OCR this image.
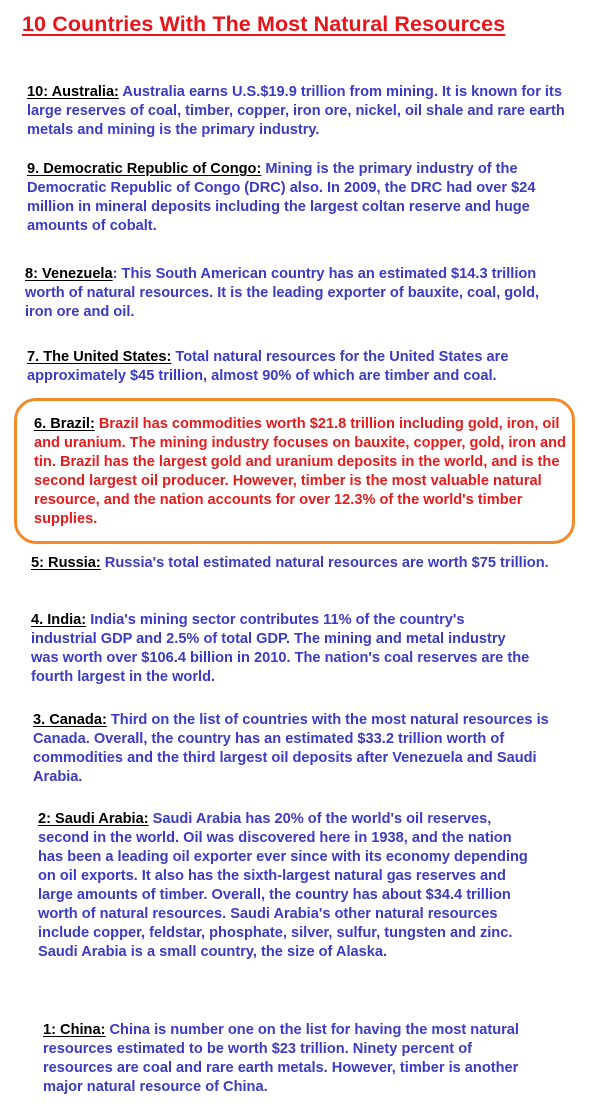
10 Countries With The Most Natural Resources
10: Australia: Australia earns U.S.$19.9 trillion from mining. It is known for its large reserves of coal, timber, copper, iron ore, nickel, oil shale and rare earth metals and mining is the primary industry.
9. Democratic Republic of Congo: Mining is the primary industry of the Democratic Republic of Congo (DRC) also. In 2009, the DRC had over $24 million in mineral deposits including the largest coltan reserve and huge amounts of cobalt.
8: Venezuela: This South American country has an estimated $14.3 trillion worth of natural resources. It is the leading exporter of bauxite, coal, gold, iron ore and oil.
7. The United States: Total natural resources for the United States are approximately $45 trillion, almost 90% of which are timber and coal.
6. Brazil: Brazil has commodities worth $21.8 trillion including gold, iron, oil and uranium. The mining industry focuses on bauxite, copper, gold, iron and tin. Brazil has the largest gold and uranium deposits in the world, and is the second largest oil producer. However, timber is the most valuable natural resource, and the nation accounts for over 12.3% of the world's timber supplies.
5: Russia: Russia's total estimated natural resources are worth $75 trillion.
4. India: India's mining sector contributes 11% of the country's industrial GDP and 2.5% of total GDP. The mining and metal industry was worth over $106.4 billion in 2010. The nation's coal reserves are the fourth largest in the world.
3. Canada: Third on the list of countries with the most natural resources is Canada. Overall, the country has an estimated $33.2 trillion worth of commodities and the third largest oil deposits after Venezuela and Saudi Arabia.
2: Saudi Arabia: Saudi Arabia has 20% of the world's oil reserves, second in the world. Oil was discovered here in 1938, and the nation has been a leading oil exporter ever since with its economy depending on oil exports. It also has the sixth-largest natural gas reserves and large amounts of timber. Overall, the country has about $34.4 trillion worth of natural resources. Saudi Arabia's other natural resources include copper, feldstar, phosphate, silver, sulfur, tungsten and zinc. Saudi Arabia is a small country, the size of Alaska.
1: China: China is number one on the list for having the most natural resources estimated to be worth $23 trillion. Ninety percent of resources are coal and rare earth metals. However, timber is another major natural resource of China.
